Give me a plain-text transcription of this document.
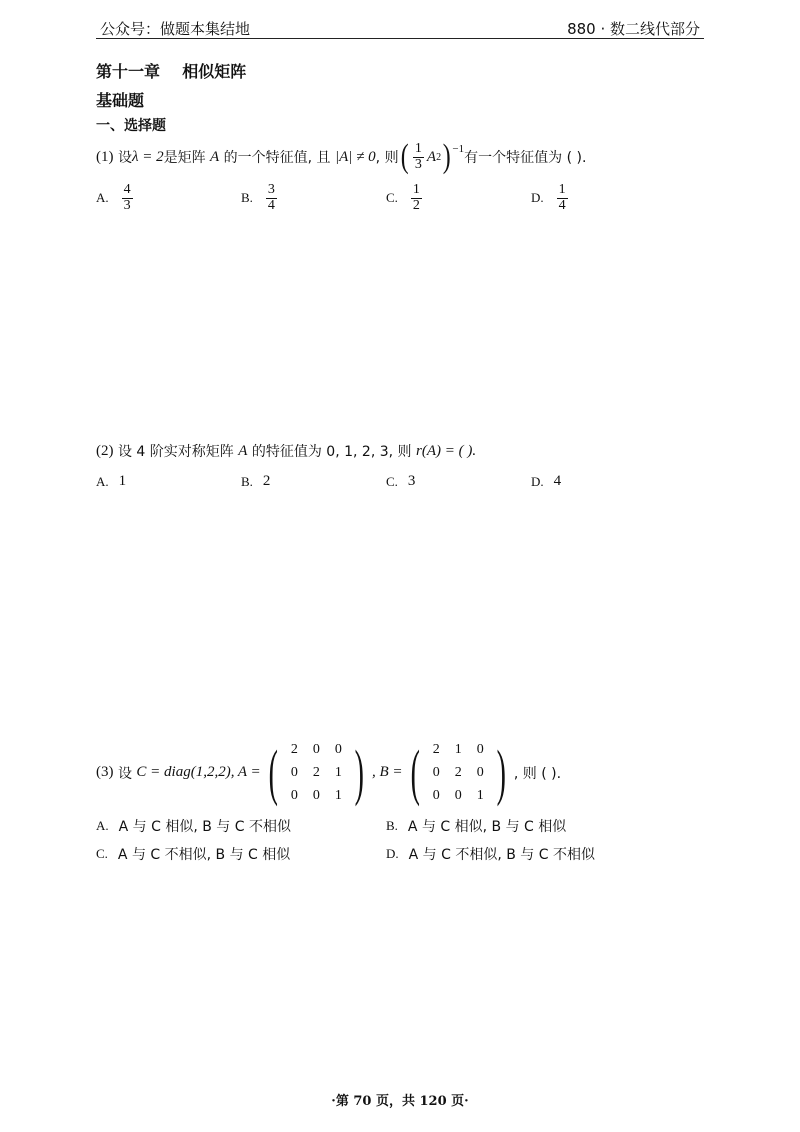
公众号：做题本集结地	880 · 数二线代部分
第十一章    相似矩阵
基础题
一、选择题
(1)
设 λ = 2 是矩阵
A
的一个特征值, 且
|A| ≠ 0 , 则 ( $\frac{1}{3}$ A 2 )$^{-1}$
有一个特征值为 ( ).
A. $\frac{4}{3}$	B. $\frac{3}{4}$	C. $\frac{1}{2}$	D. $\frac{1}{4}$
(2)
设 4 阶实对称矩阵
A
的特征值为 0, 1, 2, 3, 则
r(A) = ( ).
A. 1	B. 2	C. 3	D. 4
(3)
设
C = diag(1,2,2), A = ( 2	0	0
0	2	1
0	0	1 ) , B = ( 2	1	0
0	2	0
0	0	1 ) , 则 ( ).
A. A 与 C 相似, B 与 C 不相似	B. A 与 C 相似, B 与 C 相似
C. A 与 C 不相似, B 与 C 相似	D. A 与 C 不相似, B 与 C 不相似
·第 70 页，共 120 页·
